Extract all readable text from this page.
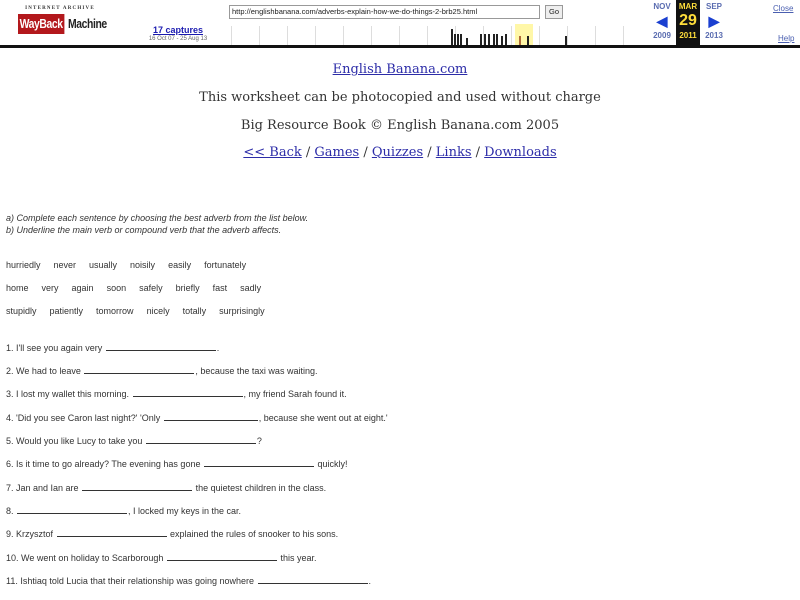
INTERNET ARCHIVE
WayBack Machine	17 captures
16 Oct 07 - 25 Aug 13
http://englishbanana.com/adverbs-explain-how-we-do-things-2-brb25.html	Go
NOV
◀
2009
MAR
29
2011
SEP
▶
2013
Close
Help
English Banana.com
This worksheet can be photocopied and used without charge
Big Resource Book © English Banana.com 2005
<< Back / Games / Quizzes / Links / Downloads
a) Complete each sentence by choosing the best adverb from the list below.
b) Underline the main verb or compound verb that the adverb affects.
hurriedly never usually noisily easily fortunately
home very again soon safely briefly fast sadly
stupidly patiently tomorrow nicely totally surprisingly
1. I'll see you again very	.
2. We had to leave	, because the taxi was waiting.
3. I lost my wallet this morning.	, my friend Sarah found it.
4. 'Did you see Caron last night?' 'Only	, because she went out at eight.'
5. Would you like Lucy to take you	?
6. Is it time to go already? The evening has gone	quickly!
7. Jan and Ian are	the quietest children in the class.
8.	, I locked my keys in the car.
9. Krzysztof	explained the rules of snooker to his sons.
10. We went on holiday to Scarborough	this year.
11. Ishtiaq told Lucia that their relationship was going nowhere	.
